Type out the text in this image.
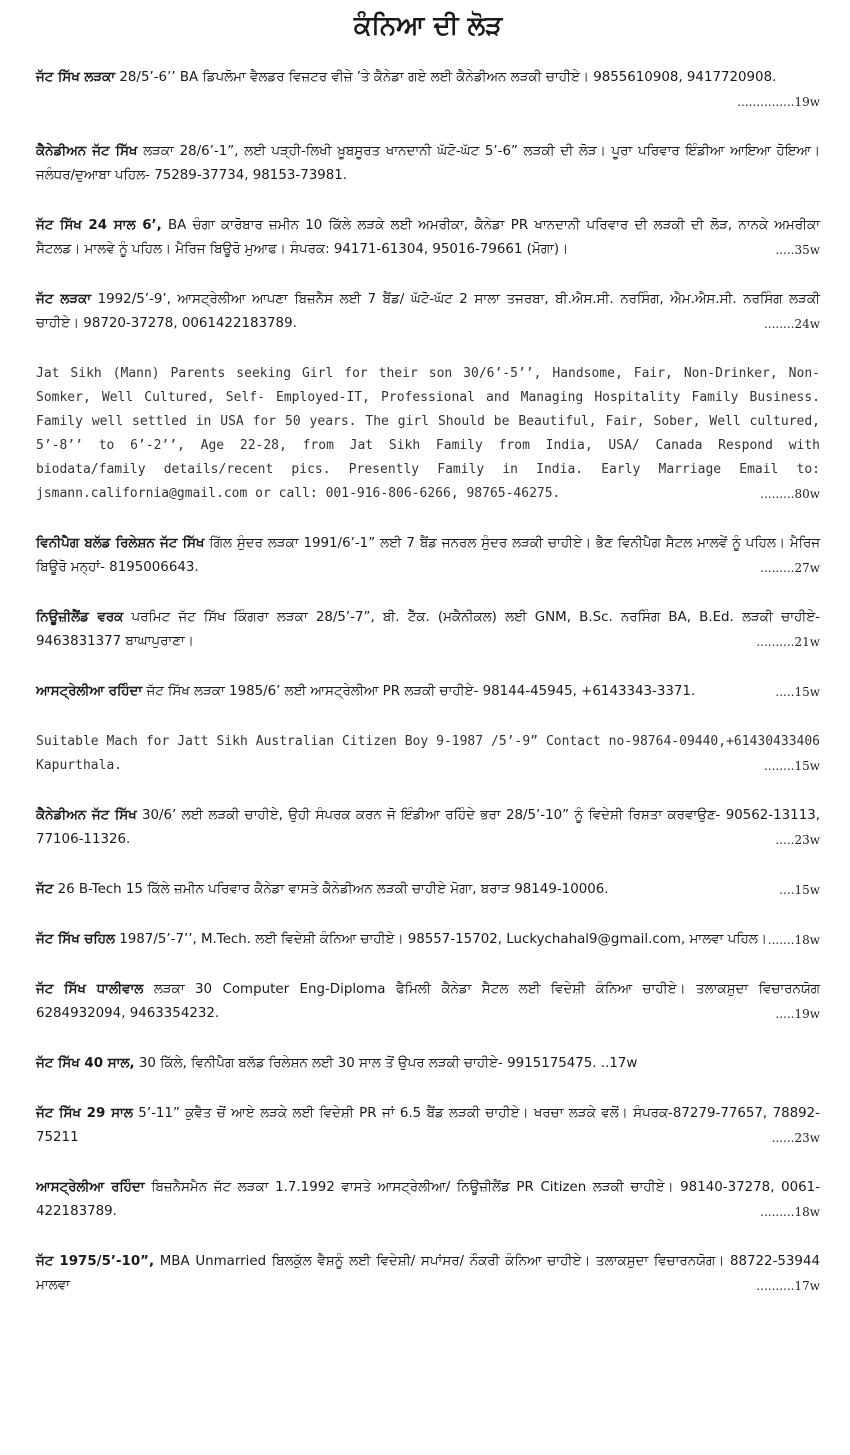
ਕੰਨਿਆ ਦੀ ਲੋੜ
ਜੱਟ ਸਿੱਖ ਲੜਕਾ 28/5’-6’’ BA ਡਿਪਲੋਮਾ ਵੈਲਡਰ ਵਿਜ਼ਟਰ ਵੀਜ਼ੇ ’ਤੇ ਕੈਨੇਡਾ ਗਏ ਲਈ ਕੈਨੇਡੀਅਨ ਲੜਕੀ ਚਾਹੀਏ। 9855610908, 9417720908.
...............19w
ਕੈਨੇਡੀਅਨ ਜੱਟ ਸਿੱਖ ਲੜਕਾ 28/6’-1”, ਲਈ ਪੜ੍ਹੀ-ਲਿਖੀ ਖ਼ੂਬਸੂਰਤ ਖਾਨਦਾਨੀ ਘੱਟੋ-ਘੱਟ 5’-6” ਲੜਕੀ ਦੀ ਲੋੜ। ਪੂਰਾ ਪਰਿਵਾਰ ਇੰਡੀਆ ਆਇਆ ਹੋਇਆ। ਜਲੰਧਰ/ਦੁਆਬਾ ਪਹਿਲ- 75289-37734, 98153-73981.
ਜੱਟ ਸਿੱਖ 24 ਸਾਲ 6’, BA ਚੰਗਾ ਕਾਰੋਬਾਰ ਜ਼ਮੀਨ 10 ਕਿੱਲੇ ਲੜਕੇ ਲਈ ਅਮਰੀਕਾ, ਕੈਨੇਡਾ PR ਖਾਨਦਾਨੀ ਪਰਿਵਾਰ ਦੀ ਲੜਕੀ ਦੀ ਲੋੜ, ਨਾਨਕੇ ਅਮਰੀਕਾ ਸੈਟਲਡ। ਮਾਲਵੇ ਨੂੰ ਪਹਿਲ। ਮੈਰਿਜ ਬਿਊਰੋ ਮੁਆਫ। ਸੰਪਰਕ: 94171-61304, 95016-79661 (ਮੋਗਾ)।	.....35w
ਜੱਟ ਲੜਕਾ 1992/5’-9’, ਆਸਟ੍ਰੇਲੀਆ ਆਪਣਾ ਬਿਜ਼ਨੈਸ ਲਈ 7 ਬੈਂਡ/ ਘੱਟੋ-ਘੱਟ 2 ਸਾਲਾ ਤਜਰਬਾ, ਬੀ.ਐਸ.ਸੀ. ਨਰਸਿੰਗ, ਐਮ.ਐਸ.ਸੀ. ਨਰਸਿੰਗ ਲੜਕੀ ਚਾਹੀਏ। 98720-37278, 0061422183789.	........24w
Jat Sikh (Mann) Parents seeking Girl for their son 30/6’-5’’, Handsome, Fair, Non-Drinker, Non-Somker, Well Cultured, Self- Employed-IT, Professional and Managing Hospitality Family Business. Family well settled in USA for 50 years. The girl Should be Beautiful, Fair, Sober, Well cultured, 5’-8’’ to 6’-2’’, Age 22-28, from Jat Sikh Family from India, USA/ Canada Respond with biodata/family details/recent pics. Presently Family in India. Early Marriage Email to: jsmann.california@gmail.com or call: 001-916-806-6266, 98765-46275.	.........80w
ਵਿਨੀਪੈਗ ਬਲੱਡ ਰਿਲੇਸ਼ਨ ਜੱਟ ਸਿੱਖ ਗਿੱਲ ਸੁੰਦਰ ਲੜਕਾ 1991/6’-1” ਲਈ 7 ਬੈਂਡ ਜਨਰਲ ਸੁੰਦਰ ਲੜਕੀ ਚਾਹੀਏ। ਭੈਣ ਵਿਨੀਪੈਗ ਸੈਟਲ ਮਾਲਵੇਂ ਨੂੰ ਪਹਿਲ। ਮੈਰਿਜ ਬਿਊਰੋ ਮਨ੍ਹਾਂ- 8195006643.	.........27w
ਨਿਊਜ਼ੀਲੈਂਡ ਵਰਕ ਪਰਮਿਟ ਜੱਟ ਸਿੱਖ ਕਿੰਗਰਾ ਲੜਕਾ 28/5’-7”, ਬੀ. ਟੈੱਕ. (ਮਕੈਨੀਕਲ) ਲਈ GNM, B.Sc. ਨਰਸਿੰਗ BA, B.Ed. ਲੜਕੀ ਚਾਹੀਏ- 9463831377 ਬਾਘਾਪੁਰਾਣਾ।	..........21w
ਆਸਟ੍ਰੇਲੀਆ ਰਹਿੰਦਾ ਜੱਟ ਸਿੱਖ ਲੜਕਾ 1985/6’ ਲਈ ਆਸਟ੍ਰੇਲੀਆ PR ਲੜਕੀ ਚਾਹੀਏ- 98144-45945, +6143343-3371.	.....15w
Suitable Mach for Jatt Sikh Australian Citizen Boy 9-1987 /5’-9” Contact no-98764-09440,+61430433406 Kapurthala.	........15w
ਕੈਨੇਡੀਅਨ ਜੱਟ ਸਿੱਖ 30/6’ ਲਈ ਲੜਕੀ ਚਾਹੀਏ, ਉਹੀ ਸੰਪਰਕ ਕਰਨ ਜੋ ਇੰਡੀਆ ਰਹਿੰਦੇ ਭਰਾ 28/5’-10” ਨੂੰ ਵਿਦੇਸ਼ੀ ਰਿਸ਼ਤਾ ਕਰਵਾਉਣ- 90562-13113, 77106-11326.	.....23w
ਜੱਟ 26 B-Tech 15 ਕਿੱਲੇ ਜ਼ਮੀਨ ਪਰਿਵਾਰ ਕੈਨੇਡਾ ਵਾਸਤੇ ਕੈਨੇਡੀਅਨ ਲੜਕੀ ਚਾਹੀਏ ਮੋਗਾ, ਬਰਾੜ 98149-10006.	....15w
ਜੱਟ ਸਿੱਖ ਚਹਿਲ 1987/5’-7’’, M.Tech. ਲਈ ਵਿਦੇਸ਼ੀ ਕੰਨਿਆ ਚਾਹੀਏ। 98557-15702, Luckychahal9@gmail.com, ਮਾਲਵਾ ਪਹਿਲ। .......18w
ਜੱਟ ਸਿੱਖ ਧਾਲੀਵਾਲ ਲੜਕਾ 30 Computer Eng-Diploma ਫੈਮਿਲੀ ਕੈਨੇਡਾ ਸੈਟਲ ਲਈ ਵਿਦੇਸ਼ੀ ਕੰਨਿਆ ਚਾਹੀਏ। ਤਲਾਕਸ਼ੁਦਾ ਵਿਚਾਰਨਯੋਗ 6284932094, 9463354232.	.....19w
ਜੱਟ ਸਿੱਖ 40 ਸਾਲ, 30 ਕਿੱਲੇ, ਵਿਨੀਪੈਗ ਬਲੱਡ ਰਿਲੇਸ਼ਨ ਲਈ 30 ਸਾਲ ਤੋਂ ਉਪਰ ਲੜਕੀ ਚਾਹੀਏ- 9915175475. ..17w
ਜੱਟ ਸਿੱਖ 29 ਸਾਲ 5’-11” ਕੁਵੈਤ ਚੋਂ ਆਏ ਲੜਕੇ ਲਈ ਵਿਦੇਸ਼ੀ PR ਜਾਂ 6.5 ਬੈਂਡ ਲੜਕੀ ਚਾਹੀਏ। ਖਰਚਾ ਲੜਕੇ ਵਲੋਂ। ਸੰਪਰਕ-87279-77657, 78892-75211	......23w
ਆਸਟ੍ਰੇਲੀਆ ਰਹਿੰਦਾ ਬਿਜ਼ਨੈਸਮੈਨ ਜੱਟ ਲੜਕਾ 1.7.1992 ਵਾਸਤੇ ਆਸਟ੍ਰੇਲੀਆ/ ਨਿਊਜ਼ੀਲੈਂਡ PR Citizen ਲੜਕੀ ਚਾਹੀਏ। 98140-37278, 0061-422183789.	.........18w
ਜੱਟ 1975/5’-10”, MBA Unmarried ਬਿਲਕੁੱਲ ਵੈਸ਼ਨੂੰ ਲਈ ਵਿਦੇਸ਼ੀ/ ਸਪਾਂਸਰ/ ਨੌਕਰੀ ਕੰਨਿਆ ਚਾਹੀਏ। ਤਲਾਕਸ਼ੁਦਾ ਵਿਚਾਰਨਯੋਗ। 88722-53944 ਮਾਲਵਾ	..........17w
